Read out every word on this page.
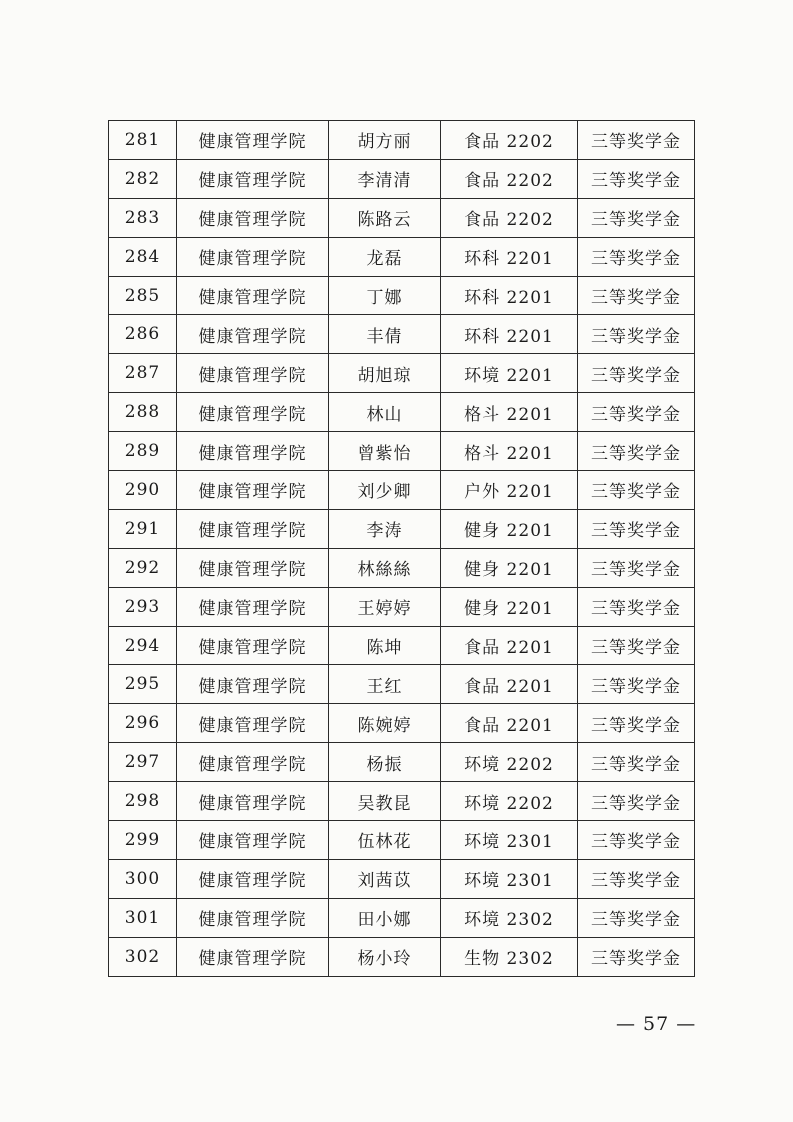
281	健康管理学院	胡方丽	食品 2202	三等奖学金
282	健康管理学院	李清清	食品 2202	三等奖学金
283	健康管理学院	陈路云	食品 2202	三等奖学金
284	健康管理学院	龙磊	环科 2201	三等奖学金
285	健康管理学院	丁娜	环科 2201	三等奖学金
286	健康管理学院	丰倩	环科 2201	三等奖学金
287	健康管理学院	胡旭琼	环境 2201	三等奖学金
288	健康管理学院	林山	格斗 2201	三等奖学金
289	健康管理学院	曾紫怡	格斗 2201	三等奖学金
290	健康管理学院	刘少卿	户外 2201	三等奖学金
291	健康管理学院	李涛	健身 2201	三等奖学金
292	健康管理学院	林絲絲	健身 2201	三等奖学金
293	健康管理学院	王婷婷	健身 2201	三等奖学金
294	健康管理学院	陈坤	食品 2201	三等奖学金
295	健康管理学院	王红	食品 2201	三等奖学金
296	健康管理学院	陈婉婷	食品 2201	三等奖学金
297	健康管理学院	杨振	环境 2202	三等奖学金
298	健康管理学院	吴教昆	环境 2202	三等奖学金
299	健康管理学院	伍林花	环境 2301	三等奖学金
300	健康管理学院	刘茜苡	环境 2301	三等奖学金
301	健康管理学院	田小娜	环境 2302	三等奖学金
302	健康管理学院	杨小玲	生物 2302	三等奖学金
— 57 —
